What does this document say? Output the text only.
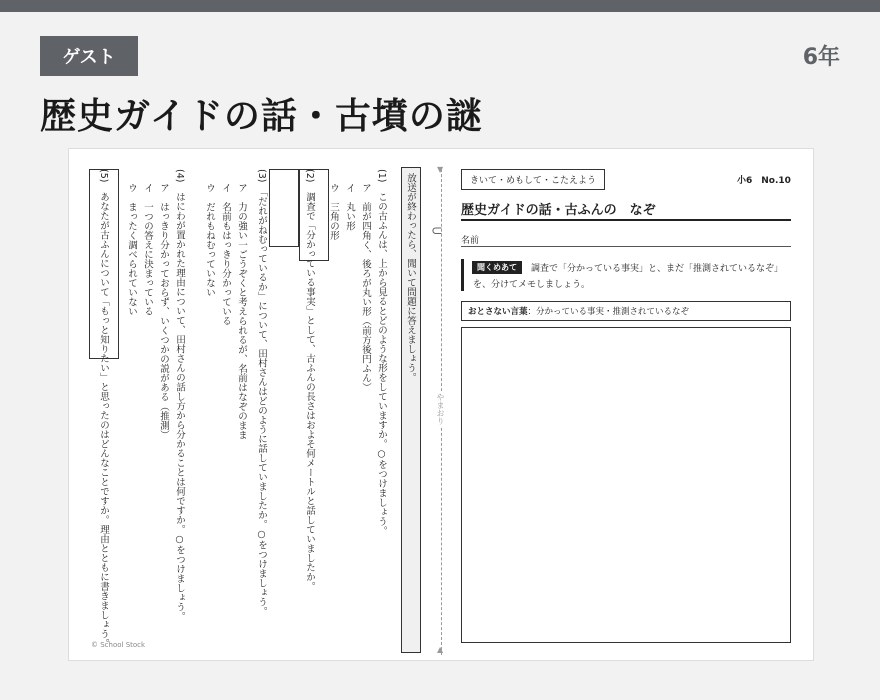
ゲスト	6年
歴史ガイドの話・古墳の謎
(1)　この古ふんは、上から見るとどのような形をしていますか。○をつけましょう。
ア　前が四角く、後ろが丸い形（前方後円ふん）
イ　丸い形
ウ　三角の形
(2)　調査で「分かっている事実」として、古ふんの長さはおよそ何メートルと話していましたか。
(3)　「だれがねむっているか」について、田村さんはどのように話していましたか。○をつけましょう。
ア　力の強い一ごうぞくと考えられるが、名前はなぞのまま
イ　名前もはっきり分かっている
ウ　だれもねむっていない
(4)　はにわが置かれた理由について、田村さんの話し方から分かることは何ですか。○をつけましょう。
ア　はっきり分かっておらず、いくつかの説がある（推測）
イ　一つの答えに決まっている
ウ　まったく調べられていない
(5)　あなたが古ふんについて「もっと知りたい」と思ったのはどんなことですか。理由とともに書きましょう。	放送が終わったら、聞いて問題に答えましょう。
▼
▲
⊂
やまおり
© School Stock
きいて・めもして・こたえよう	小6　No.10
歴史ガイドの話・古ふんの　なぞ
名前
聞くめあて	調査で「分かっている事実」と、まだ「推測されているなぞ」
を、分けてメモしましょう。
おとさない言葉：分かっている事実・推測されているなぞ
